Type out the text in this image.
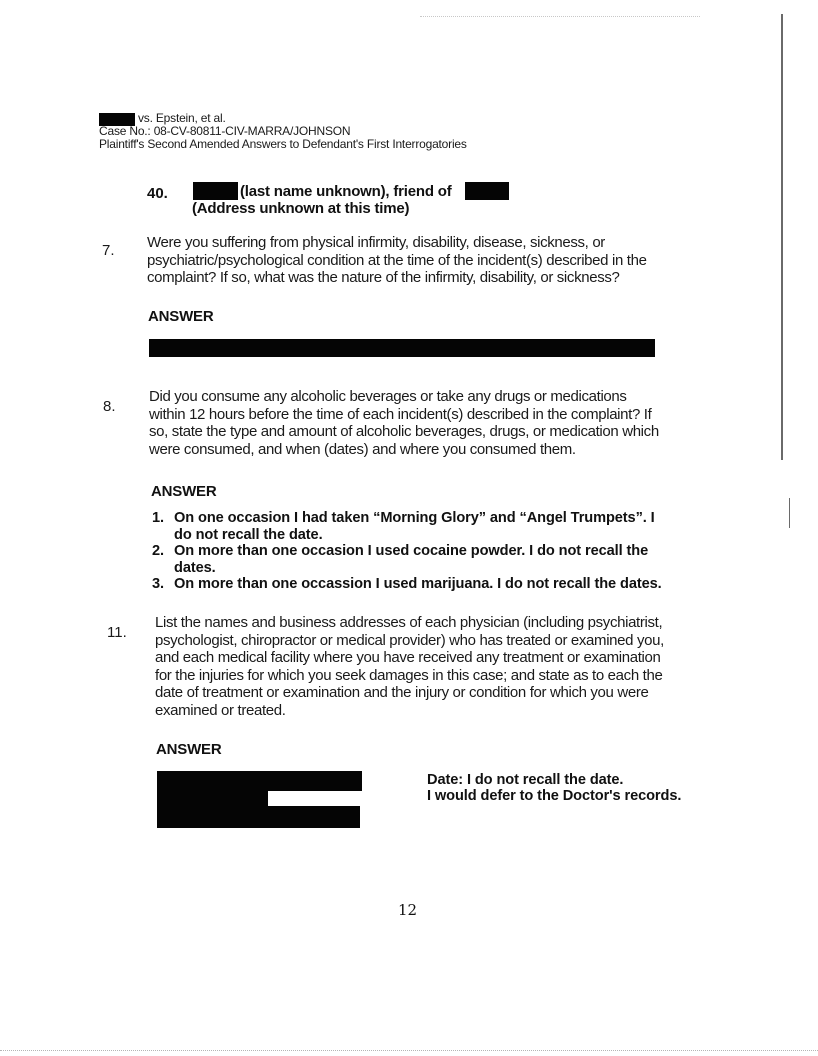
vs. Epstein, et al.
Case No.: 08-CV-80811-CIV-MARRA/JOHNSON
Plaintiff's Second Amended Answers to Defendant's First Interrogatories
40.	(last name unknown), friend of
(Address unknown at this time)
7. Were you suffering from physical infirmity, disability, disease, sickness, or
psychiatric/psychological condition at the time of the incident(s) described in the
complaint? If so, what was the nature of the infirmity, disability, or sickness?
ANSWER
8.
Did you consume any alcoholic beverages or take any drugs or medications
within 12 hours before the time of each incident(s) described in the complaint? If
so, state the type and amount of alcoholic beverages, drugs, or medication which
were consumed, and when (dates) and where you consumed them.
ANSWER
1. On one occasion I had taken “Morning Glory” and “Angel Trumpets”. I
do not recall the date.
2. On more than one occasion I used cocaine powder. I do not recall the
dates.
3. On more than one occassion I used marijuana. I do not recall the dates.
11.
List the names and business addresses of each physician (including psychiatrist,
psychologist, chiropractor or medical provider) who has treated or examined you,
and each medical facility where you have received any treatment or examination
for the injuries for which you seek damages in this case; and state as to each the
date of treatment or examination and the injury or condition for which you were
examined or treated.
ANSWER
Date: I do not recall the date.
I would defer to the Doctor's records.
12
